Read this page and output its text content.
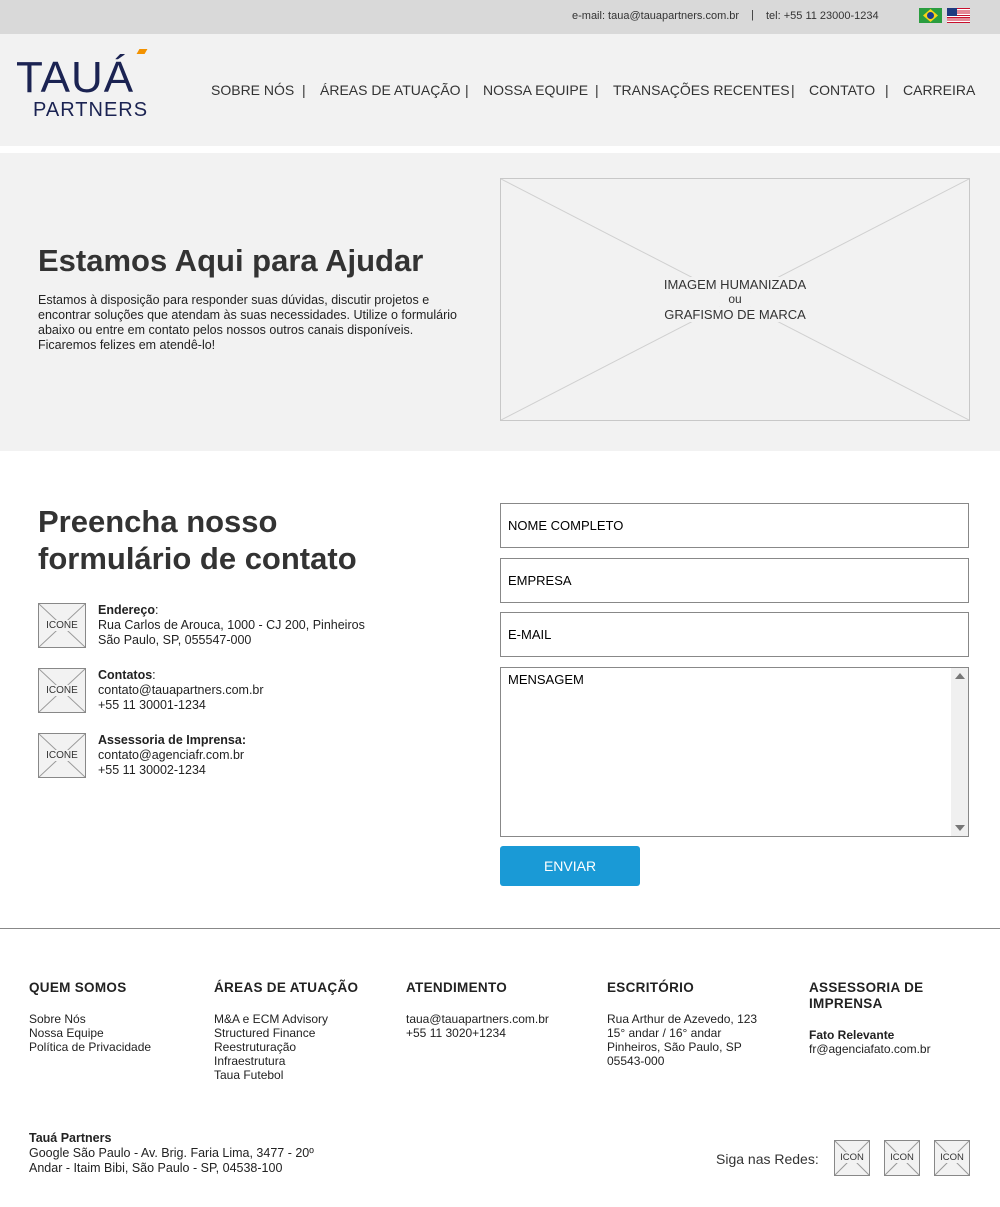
e-mail: taua@tauapartners.com.br | tel: +55 11 23000-1234
TAUÁ
PARTNERS
SOBRE NÓS | ÁREAS DE ATUAÇÃO | NOSSA EQUIPE | TRANSAÇÕES RECENTES | CONTATO | CARREIRA
Estamos Aqui para Ajudar

Estamos à disposição para responder suas dúvidas, discutir projetos e encontrar soluções que atendam às suas necessidades. Utilize o formulário abaixo ou entre em contato pelos nossos outros canais disponíveis. Ficaremos felizes em atendê-lo!

IMAGEM HUMANIZADA
ou
GRAFISMO DE MARCA
Preencha nosso
formulário de contato
ICONE
Endereço:
Rua Carlos de Arouca, 1000 - CJ 200, Pinheiros
São Paulo, SP, 055547-000
ICONE
Contatos:
contato@tauapartners.com.br
+55 11 30001-1234
ICONE
Assessoria de Imprensa:
contato@agenciafr.com.br
+55 11 30002-1234
NOME COMPLETO
EMPRESA
E-MAIL
MENSAGEM
ENVIAR
QUEM SOMOS
Sobre Nós
Nossa Equipe
Política de Privacidade
ÁREAS DE ATUAÇÃO
M&A e ECM Advisory
Structured Finance
Reestruturação
Infraestrutura
Taua Futebol
ATENDIMENTO
taua@tauapartners.com.br
+55 11 3020+1234
ESCRITÓRIO
Rua Arthur de Azevedo, 123
15° andar / 16° andar
Pinheiros, São Paulo, SP
05543-000
ASSESSORIA DE
IMPRENSA
Fato Relevante
fr@agenciafato.com.br
Tauá Partners
Google São Paulo - Av. Brig. Faria Lima, 3477 - 20º
Andar - Itaim Bibi, São Paulo - SP, 04538-100
Siga nas Redes:	ICON	ICON	ICON
